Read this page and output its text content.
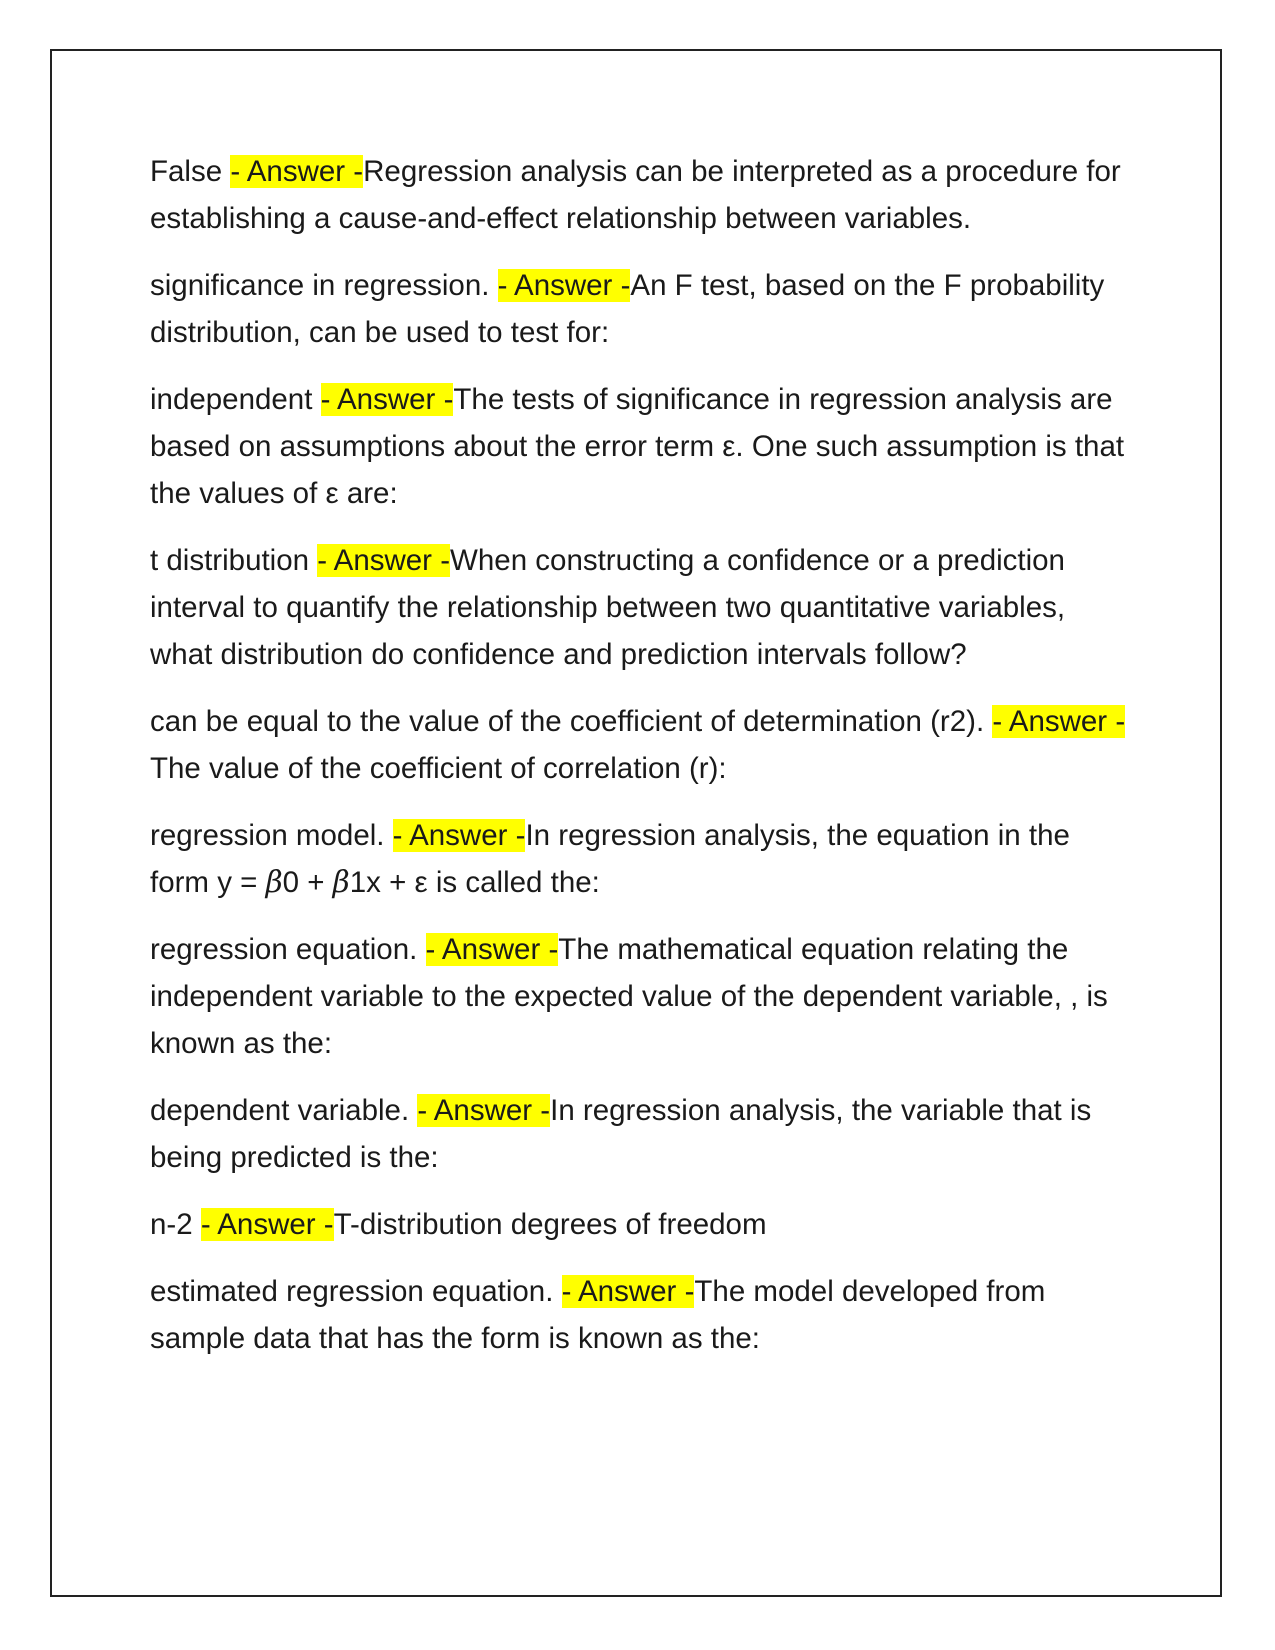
False - Answer -Regression analysis can be interpreted as a procedure for establishing a cause-and-effect relationship between variables.

significance in regression. - Answer -An F test, based on the F probability distribution, can be used to test for:

independent - Answer -The tests of significance in regression analysis are based on assumptions about the error term ε. One such assumption is that the values of ε are:

t distribution - Answer -When constructing a confidence or a prediction interval to quantify the relationship between two quantitative variables, what distribution do confidence and prediction intervals follow?

can be equal to the value of the coefficient of determination (r2). - Answer -The value of the coefficient of correlation (r):

regression model. - Answer -In regression analysis, the equation in the form y = 𝛽0 + 𝛽1x + ε is called the:

regression equation. - Answer -The mathematical equation relating the independent variable to the expected value of the dependent variable, , is known as the:

dependent variable. - Answer -In regression analysis, the variable that is being predicted is the:

n-2 - Answer -T-distribution degrees of freedom

estimated regression equation. - Answer -The model developed from sample data that has the form is known as the:
